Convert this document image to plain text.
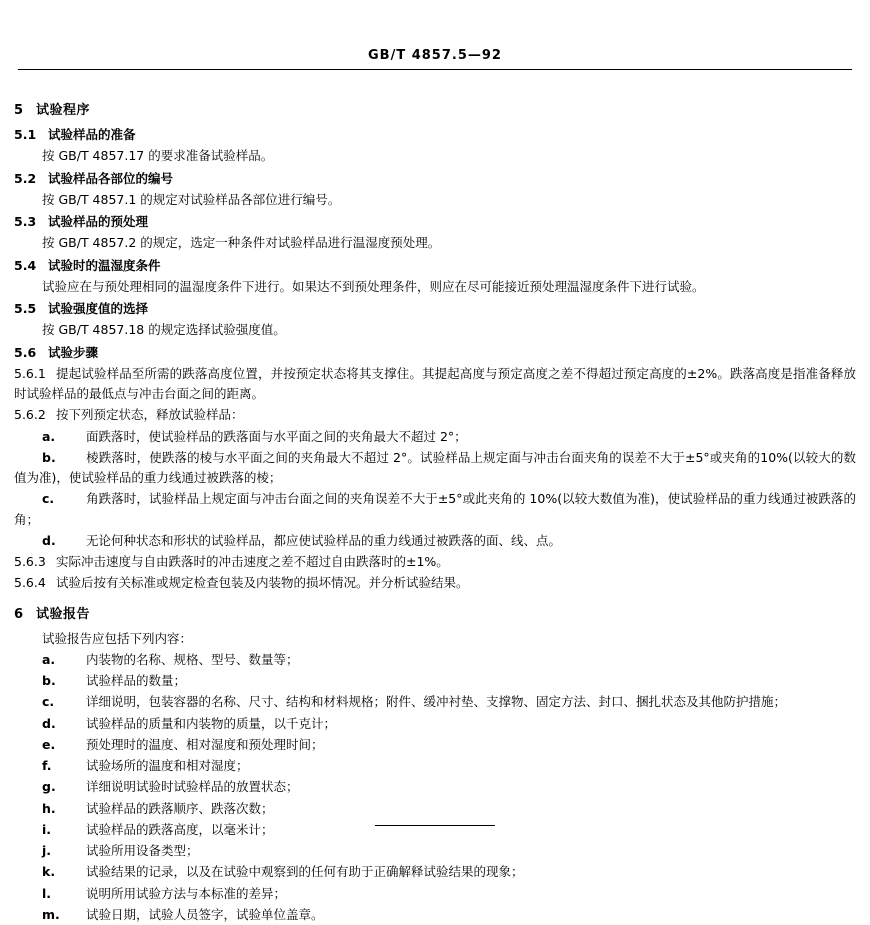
GB/T 4857.5—92
5 试验程序
5.1 试验样品的准备
按 GB/T 4857.17 的要求准备试验样品。
5.2 试验样品各部位的编号
按 GB/T 4857.1 的规定对试验样品各部位进行编号。
5.3 试验样品的预处理
按 GB/T 4857.2 的规定，选定一种条件对试验样品进行温湿度预处理。
5.4 试验时的温湿度条件
试验应在与预处理相同的温湿度条件下进行。如果达不到预处理条件，则应在尽可能接近预处理温湿度条件下进行试验。
5.5 试验强度值的选择
按 GB/T 4857.18 的规定选择试验强度值。
5.6 试验步骤
5.6.1 提起试验样品至所需的跌落高度位置，并按预定状态将其支撑住。其提起高度与预定高度之差不得超过预定高度的±2%。跌落高度是指准备释放时试验样品的最低点与冲击台面之间的距离。
5.6.2 按下列预定状态，释放试验样品：
a. 面跌落时，使试验样品的跌落面与水平面之间的夹角最大不超过 2°；
b. 棱跌落时，使跌落的棱与水平面之间的夹角最大不超过 2°。试验样品上规定面与冲击台面夹角的误差不大于±5°或夹角的10%(以较大的数值为准)，使试验样品的重力线通过被跌落的棱；
c.	角跌落时，试验样品上规定面与冲击台面之间的夹角误差不大于±5°或此夹角的 10%(以较大数值为准)，使试验样品的重力线通过被跌落的角；
d. 无论何种状态和形状的试验样品，都应使试验样品的重力线通过被跌落的面、线、点。
5.6.3 实际冲击速度与自由跌落时的冲击速度之差不超过自由跌落时的±1%。
5.6.4 试验后按有关标准或规定检查包装及内装物的损坏情况。并分析试验结果。
6 试验报告
试验报告应包括下列内容：
a. 内装物的名称、规格、型号、数量等；
b. 试验样品的数量；
c.	详细说明，包装容器的名称、尺寸、结构和材料规格；附件、缓冲衬垫、支撑物、固定方法、封口、捆扎状态及其他防护措施；
d. 试验样品的质量和内装物的质量，以千克计；
e. 预处理时的温度、相对湿度和预处理时间；
f.	试验场所的温度和相对湿度；
g. 详细说明试验时试验样品的放置状态；
h. 试验样品的跌落顺序、跌落次数；
i.	试验样品的跌落高度，以毫米计；
j.	试验所用设备类型；
k. 试验结果的记录，以及在试验中观察到的任何有助于正确解释试验结果的现象；
l.	说明所用试验方法与本标准的差异；
m. 试验日期，试验人员签字，试验单位盖章。
